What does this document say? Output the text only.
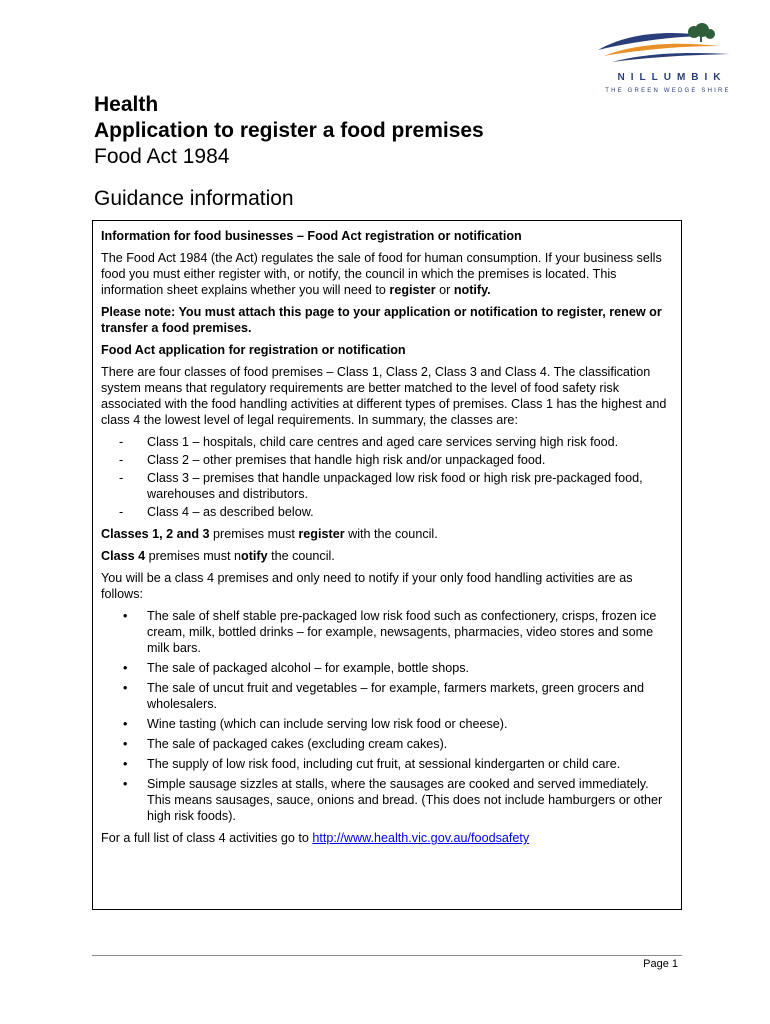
NILLUMBIK
THE GREEN WEDGE SHIRE

Health

Application to register a food premises

Food Act 1984

Guidance information

Information for food businesses – Food Act registration or notification

The Food Act 1984 (the Act) regulates the sale of food for human consumption. If your business sells food you must either register with, or notify, the council in which the premises is located. This information sheet explains whether you will need to register or notify.

Please note: You must attach this page to your application or notification to register, renew or transfer a food premises.

Food Act application for registration or notification

There are four classes of food premises – Class 1, Class 2, Class 3 and Class 4. The classification system means that regulatory requirements are better matched to the level of food safety risk associated with the food handling activities at different types of premises. Class 1 has the highest and class 4 the lowest level of legal requirements. In summary, the classes are:

- Class 1 – hospitals, child care centres and aged care services serving high risk food.
- Class 2 – other premises that handle high risk and/or unpackaged food.
- Class 3 – premises that handle unpackaged low risk food or high risk pre-packaged food, warehouses and distributors.
- Class 4 – as described below.

Classes 1, 2 and 3 premises must register with the council.

Class 4 premises must notify the council.

You will be a class 4 premises and only need to notify if your only food handling activities are as follows:

• The sale of shelf stable pre-packaged low risk food such as confectionery, crisps, frozen ice cream, milk, bottled drinks – for example, newsagents, pharmacies, video stores and some milk bars.
• The sale of packaged alcohol – for example, bottle shops.
• The sale of uncut fruit and vegetables – for example, farmers markets, green grocers and wholesalers.
• Wine tasting (which can include serving low risk food or cheese).
• The sale of packaged cakes (excluding cream cakes).
• The supply of low risk food, including cut fruit, at sessional kindergarten or child care.
• Simple sausage sizzles at stalls, where the sausages are cooked and served immediately. This means sausages, sauce, onions and bread. (This does not include hamburgers or other high risk foods).

For a full list of class 4 activities go to http://www.health.vic.gov.au/foodsafety

Page 1
